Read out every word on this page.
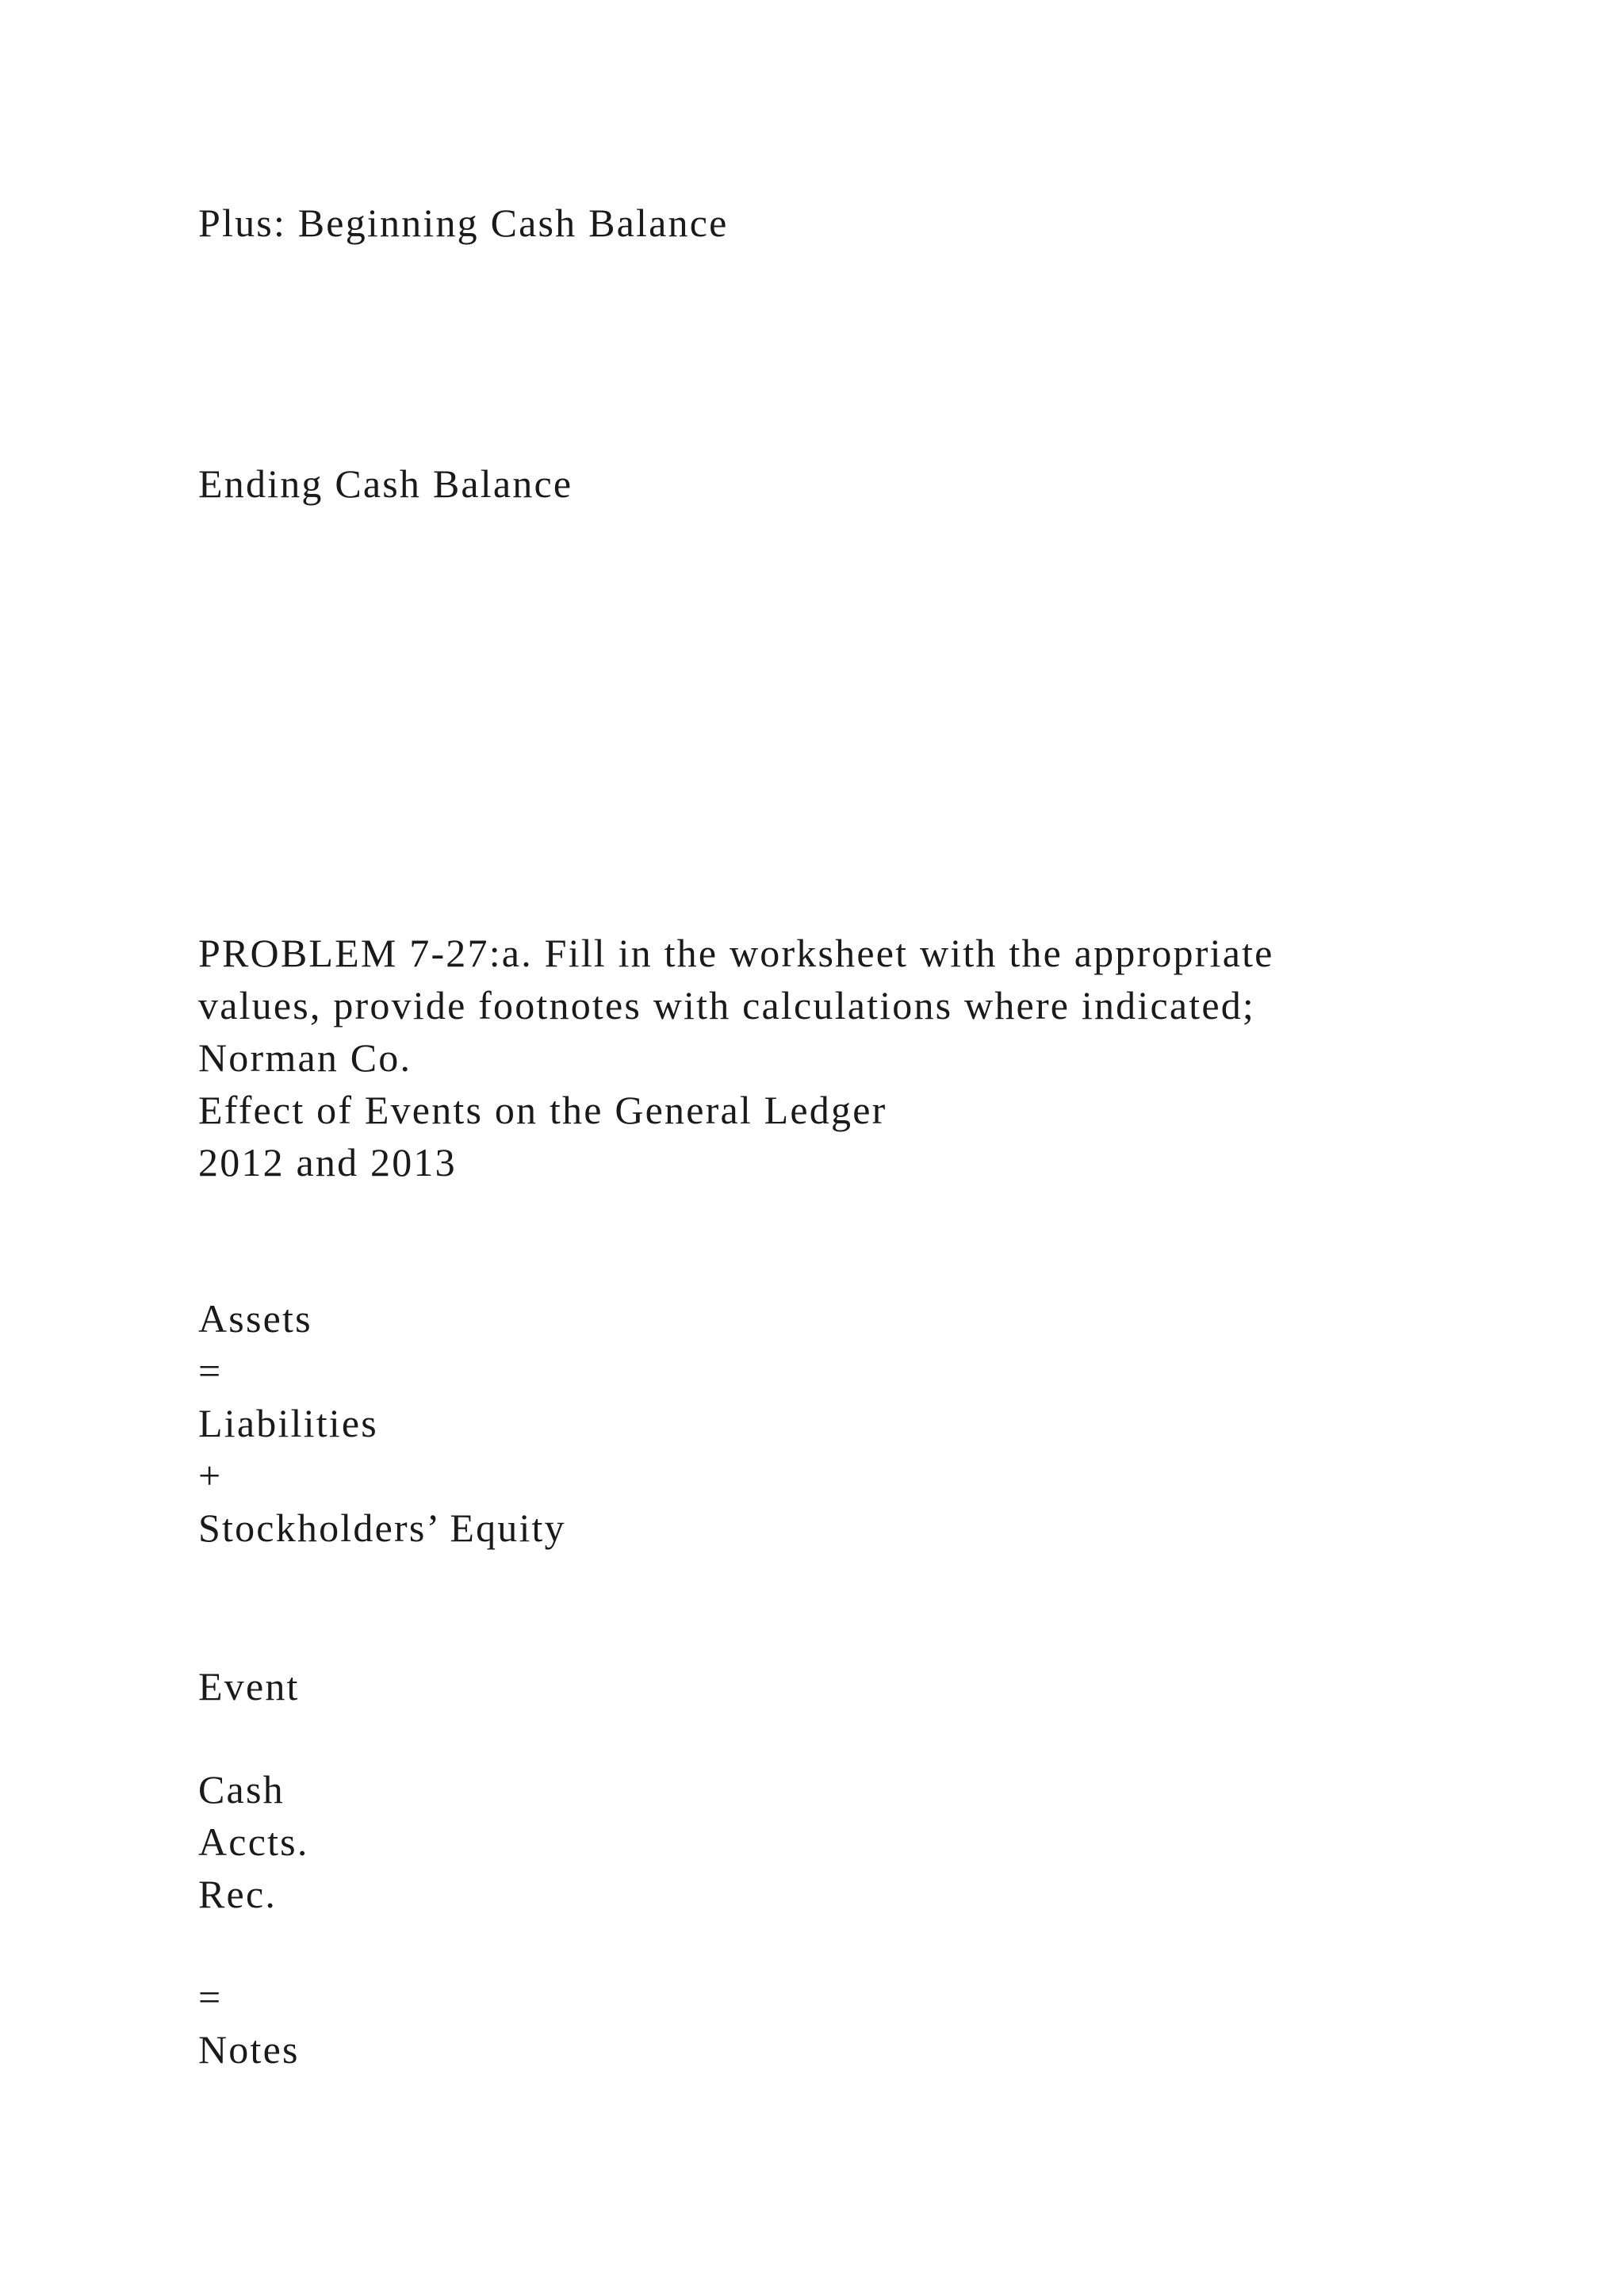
Plus: Beginning Cash Balance

Ending Cash Balance

PROBLEM 7-27:a. Fill in the worksheet with the appropriate

values, provide footnotes with calculations where indicated;

Norman Co.

Effect of Events on the General Ledger

2012 and 2013

Assets

=

Liabilities

+

Stockholders’ Equity

Event

Cash

Accts.

Rec.

=

Notes
